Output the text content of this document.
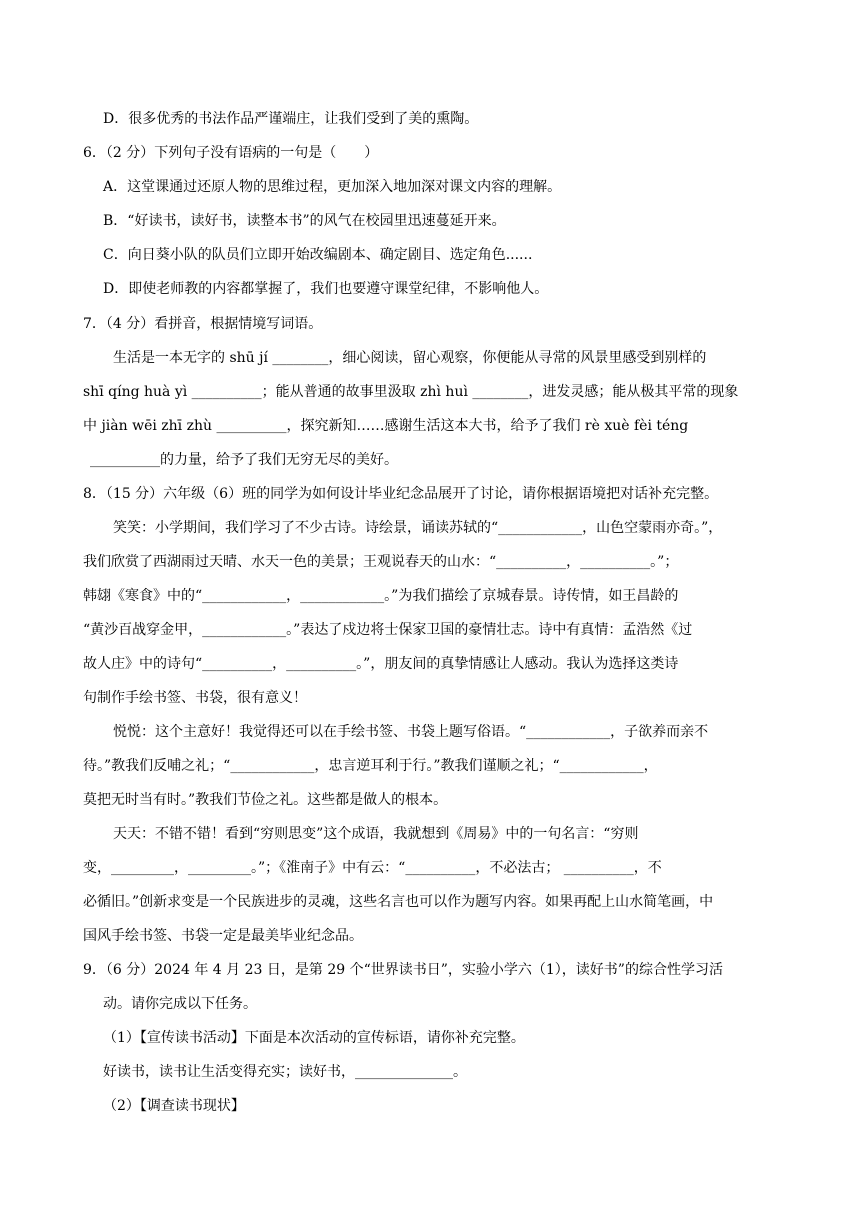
D．很多优秀的书法作品严谨端庄，让我们受到了美的熏陶。
6．（2 分）下列句子没有语病的一句是（　　）
A．这堂课通过还原人物的思维过程，更加深入地加深对课文内容的理解。
B．“好读书，读好书，读整本书”的风气在校园里迅速蔓延开来。
C．向日葵小队的队员们立即开始改编剧本、确定剧目、选定角色......
D．即使老师教的内容都掌握了，我们也要遵守课堂纪律，不影响他人。
7．（4 分）看拼音，根据情境写词语。
生活是一本无字的 shū jí ________，细心阅读，留心观察，你便能从寻常的风景里感受到别样的
shī qíng huà yì __________；能从普通的故事里汲取 zhì huì ________，进发灵感；能从极其平常的现象
中 jiàn wēi zhī zhù __________，探究新知……感谢生活这本大书，给予了我们 rè xuè fèi téng
__________的力量，给予了我们无穷无尽的美好。
8．（15 分）六年级（6）班的同学为如何设计毕业纪念品展开了讨论，请你根据语境把对话补充完整。
笑笑：小学期间，我们学习了不少古诗。诗绘景，诵读苏轼的“____________，山色空蒙雨亦奇。”，
我们欣赏了西湖雨过天晴、水天一色的美景；王观说春天的山水：“__________，__________。”；
韩翃《寒食》中的“____________，____________。”为我们描绘了京城春景。诗传情，如王昌龄的
“黄沙百战穿金甲，____________。”表达了戍边将士保家卫国的豪情壮志。诗中有真情：孟浩然《过
故人庄》中的诗句“__________，__________。”，朋友间的真挚情感让人感动。我认为选择这类诗
句制作手绘书签、书袋，很有意义！
悦悦：这个主意好！我觉得还可以在手绘书签、书袋上题写俗语。“____________，子欲养而亲不
待。”教我们反哺之礼；“____________，忠言逆耳利于行。”教我们谨顺之礼；“____________，
莫把无时当有时。”教我们节俭之礼。这些都是做人的根本。
天天：不错不错！看到“穷则思变”这个成语，我就想到《周易》中的一句名言：“穷则
变，_________，_________。”；《淮南子》中有云：“__________，不必法古； __________，不
必循旧。”创新求变是一个民族进步的灵魂，这些名言也可以作为题写内容。如果再配上山水简笔画，中
国风手绘书签、书袋一定是最美毕业纪念品。
9．（6 分）2024 年 4 月 23 日，是第 29 个“世界读书日”，实验小学六（1），读好书”的综合性学习活
动。请你完成以下任务。
（1）【宣传读书活动】下面是本次活动的宣传标语，请你补充完整。
好读书，读书让生活变得充实；读好书，______________。
（2）【调查读书现状】
